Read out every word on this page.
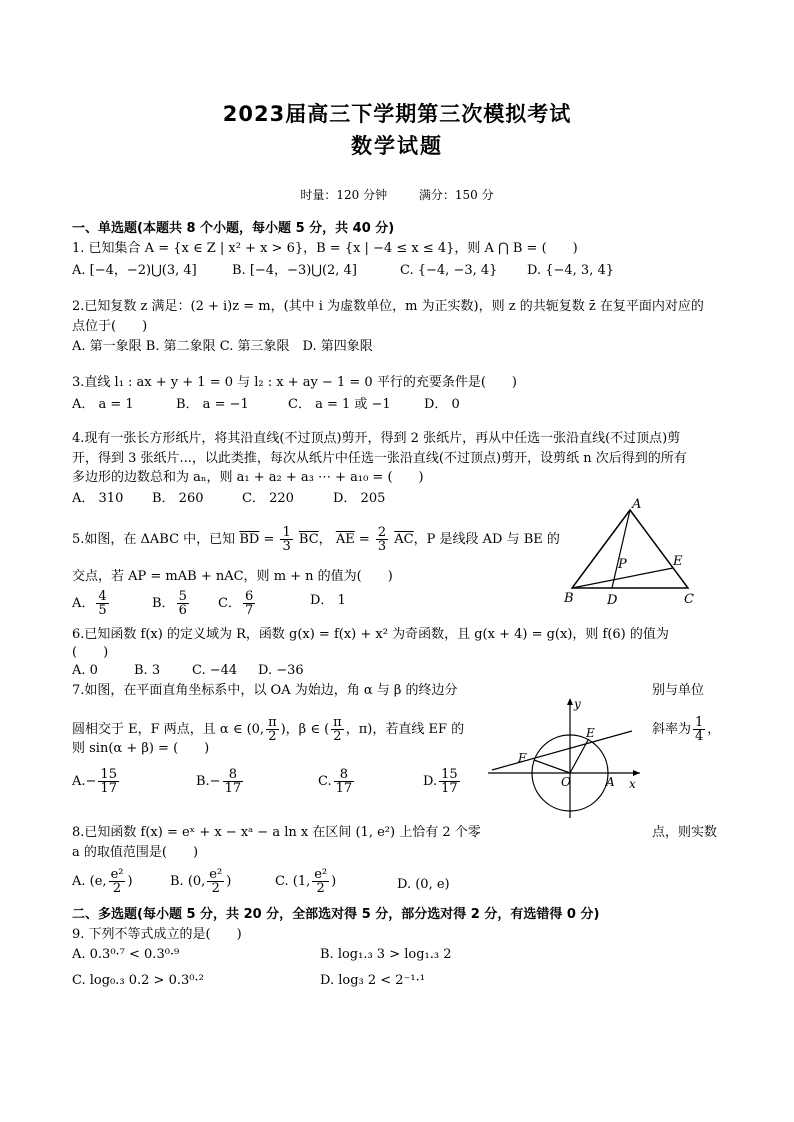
2023届高三下学期第三次模拟考试
数学试题
时量：120 分钟	满分：150 分
一、单选题(本题共 8 个小题，每小题 5 分，共 40 分)
1. 已知集合 A = {x ∈ Z | x² + x > 6}，B = {x | −4 ≤ x ≤ 4}，则 A ⋂ B = (　　)
A. [−4，−2)⋃(3, 4]	B. [−4，−3)⋃(2, 4]	C. {−4, −3, 4} D. {−4, 3, 4}
2.已知复数 z 满足：(2 + i)z = m，(其中 i 为虚数单位，m 为正实数)，则 z 的共轭复数 z̄ 在复平面内对应的
点位于(　　)
A. 第一象限 B. 第二象限 C. 第三象限　D. 第四象限
3.直线 l₁ : ax + y + 1 = 0 与 l₂ : x + ay − 1 = 0 平行的充要条件是(　　)
A． a = 1	B． a = −1	C． a = 1 或 −1	D． 0
4.现有一张长方形纸片，将其沿直线(不过顶点)剪开，得到 2 张纸片，再从中任选一张沿直线(不过顶点)剪
开，得到 3 张纸片...，以此类推，每次从纸片中任选一张沿直线(不过顶点)剪开，设剪纸 n 次后得到的所有
多边形的边数总和为 aₙ，则 a₁ + a₂ + a₃ ⋯ + a₁₀ = (　　)
A． 310 B． 260	C． 220	D． 205
5.如图，在 ΔABC 中，已知 $\overline{BD} = \frac{1}{3} \overline{BC}$， $\overline{AE} = \frac{2}{3} \overline{AC}$，P 是线段 AD 与 BE 的
交点，若 AP = mAB + nAC，则 m + n 的值为(　　)
A． $\frac{4}{5}$	B． $\frac{5}{6}$ C． $\frac{6}{7}$	D． 1
A
B	C
D
E
P
6.已知函数 f(x) 的定义域为 R，函数 g(x) = f(x) + x² 为奇函数，且 g(x + 4) = g(x)，则 f(6) 的值为
(　　)
A. 0	B. 3 C. −44 D. −36
7.如图，在平面直角坐标系中，以 OA 为始边，角 α 与 β 的终边分	别与单位
圆相交于 E，F 两点，且 α ∈ (0, $\frac{\pi}{2}$ )，β ∈ ( $\frac{\pi}{2}$ ，π)，若直线 EF 的	斜率为 $\frac{1}{4}$ ，
则 sin(α + β) = (　　)
$A.- \frac{15}{17}$	$B.- \frac{8}{17}$	C. $\frac{8}{17}$	D. $\frac{15}{17}$	O	A x
y
E
F
8.已知函数 f(x) = eˣ + x − xᵃ − a ln x 在区间 (1, e²) 上恰有 2 个零	点，则实数
a 的取值范围是(　　)
A. (e, $\frac{\text{e²}}{2}$ )	B. (0, $\frac{\text{e²}}{2}$ )	C. (1, $\frac{\text{e²}}{2}$ )	D. (0, e)
二、多选题(每小题 5 分，共 20 分，全部选对得 5 分，部分选对得 2 分，有选错得 0 分)
9. 下列不等式成立的是(　　)
A. 0.3⁰·⁷ < 0.3⁰·⁹	B. log₁.₃ 3 > log₁.₃ 2
C. log₀.₃ 0.2 > 0.3⁰·²	D. log₃ 2 < 2⁻¹·¹
